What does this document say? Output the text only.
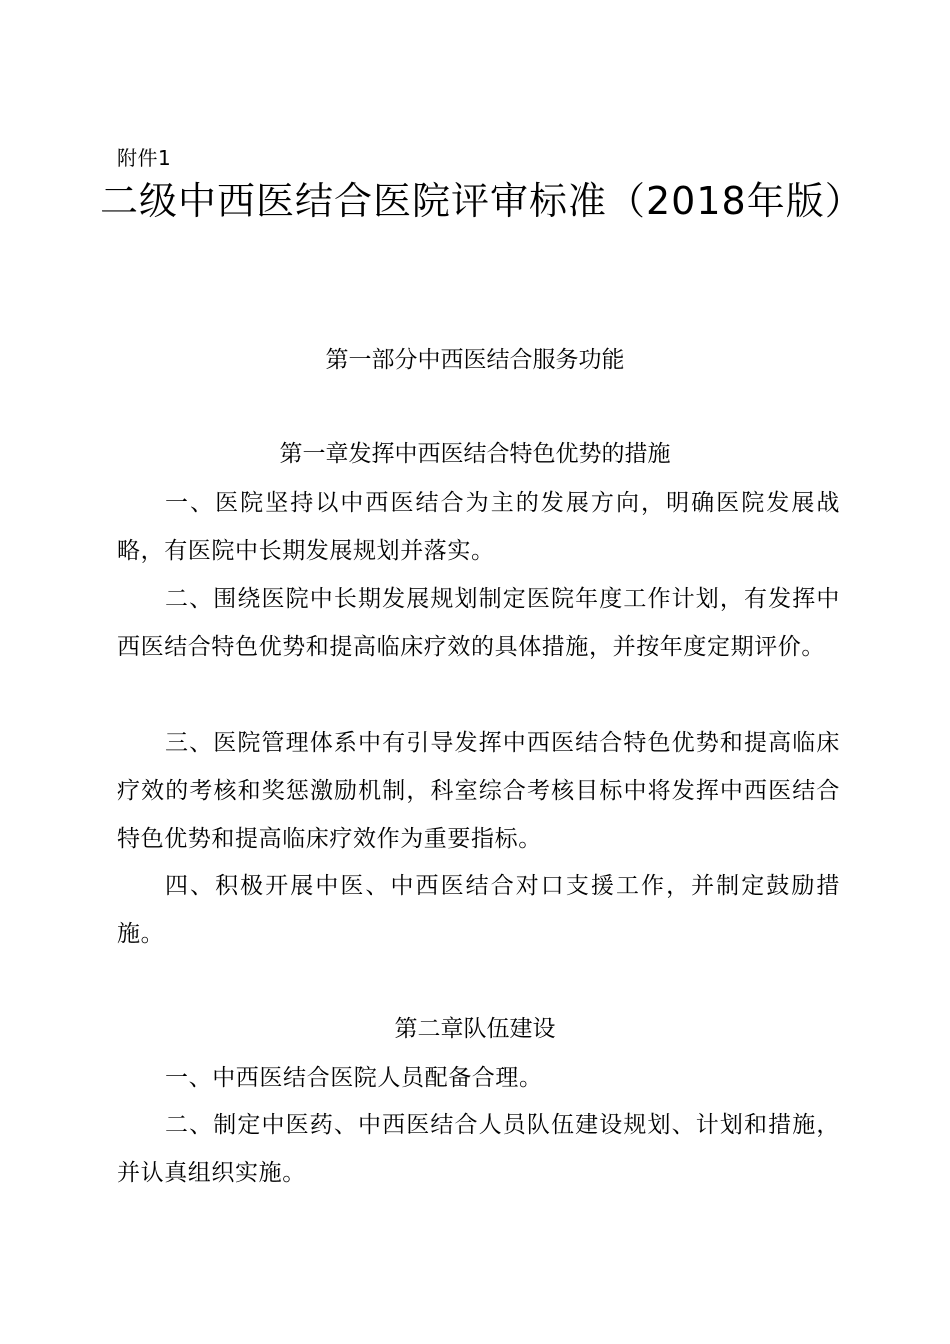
附件1
二级中西医结合医院评审标准（2018年版）
第一部分中西医结合服务功能
第一章发挥中西医结合特色优势的措施
一、医院坚持以中西医结合为主的发展方向，明确医院发展战略，有医院中长期发展规划并落实。
二、围绕医院中长期发展规划制定医院年度工作计划，有发挥中西医结合特色优势和提高临床疗效的具体措施，并按年度定期评价。
三、医院管理体系中有引导发挥中西医结合特色优势和提高临床疗效的考核和奖惩激励机制，科室综合考核目标中将发挥中西医结合特色优势和提高临床疗效作为重要指标。
四、积极开展中医、中西医结合对口支援工作，并制定鼓励措施。
第二章队伍建设
一、中西医结合医院人员配备合理。
二、制定中医药、中西医结合人员队伍建设规划、计划和措施，并认真组织实施。
